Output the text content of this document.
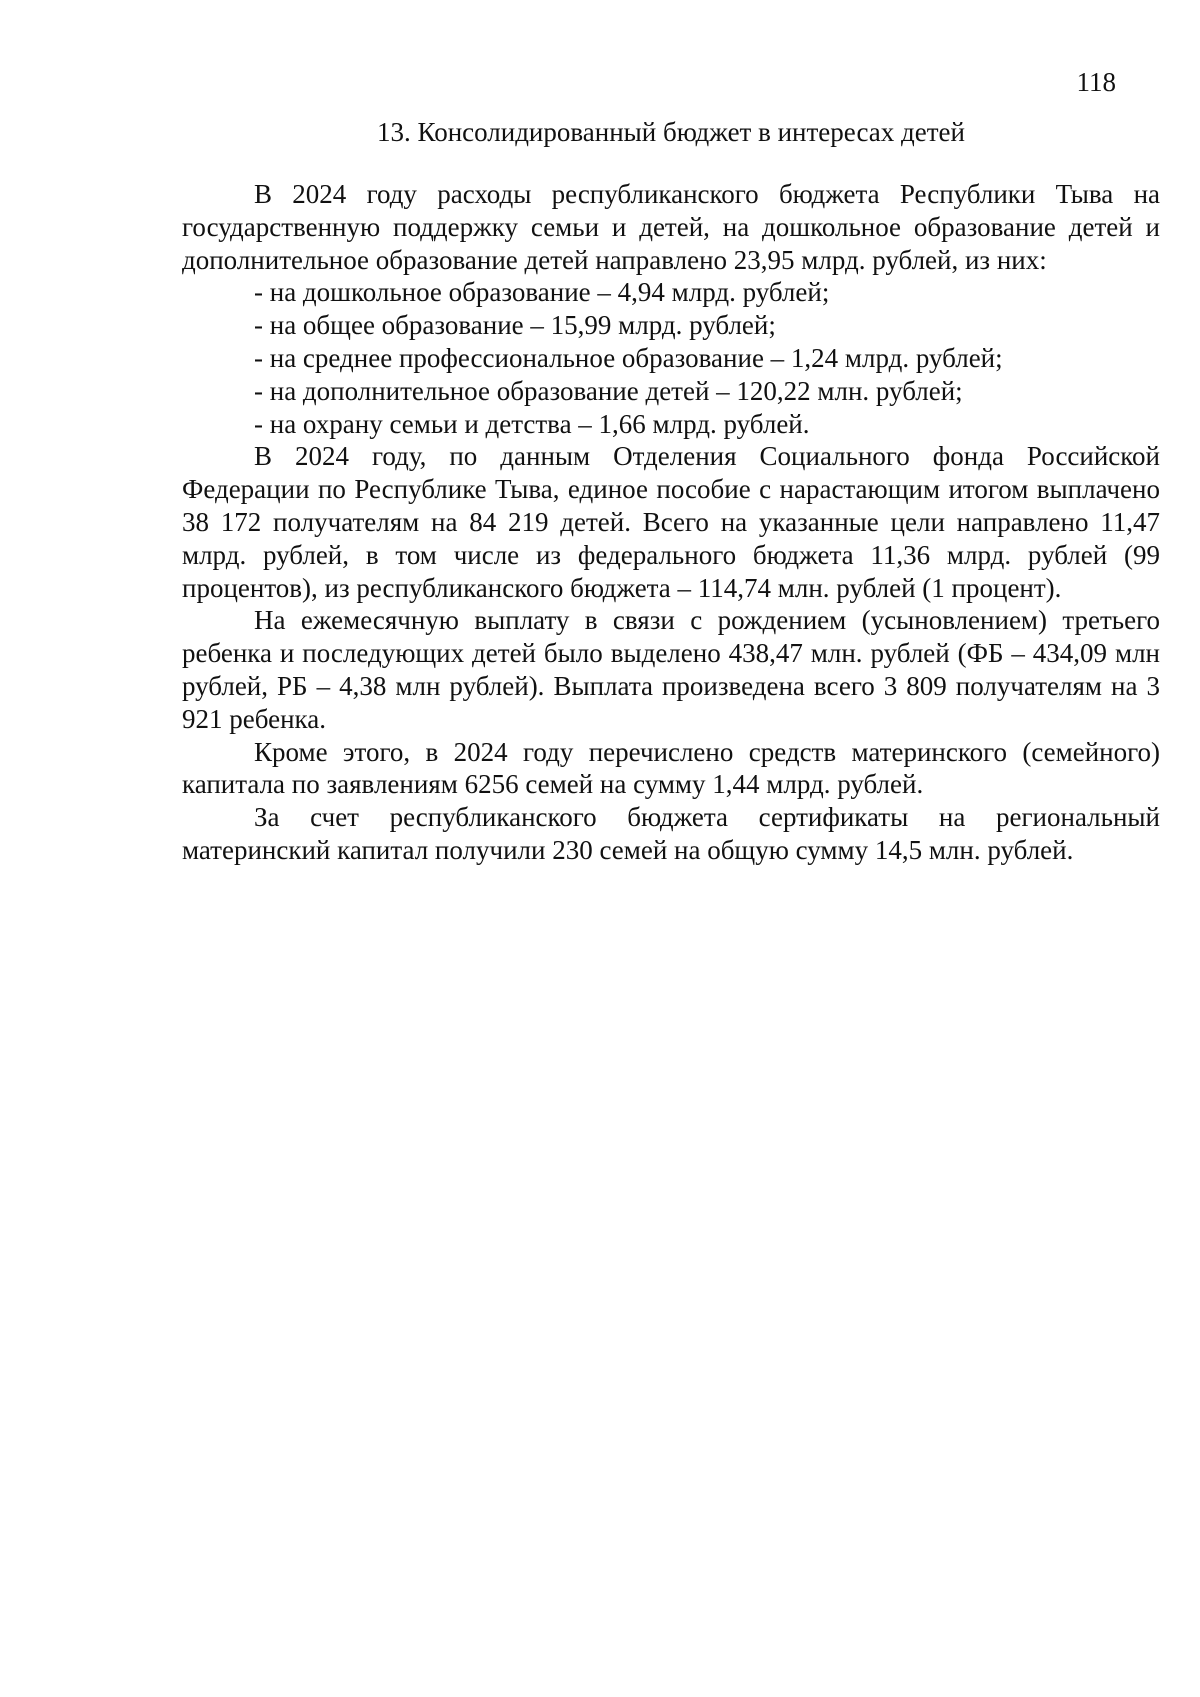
118
13. Консолидированный бюджет в интересах детей

В 2024 году расходы республиканского бюджета Республики Тыва на государственную поддержку семьи и детей, на дошкольное образование детей и дополнительное образование детей направлено 23,95 млрд. рублей, из них:

- на дошкольное образование – 4,94 млрд. рублей;
- на общее образование – 15,99 млрд. рублей;
- на среднее профессиональное образование – 1,24 млрд. рублей;
- на дополнительное образование детей – 120,22 млн. рублей;
- на охрану семьи и детства – 1,66 млрд. рублей.

В 2024 году, по данным Отделения Социального фонда Российской Федерации по Республике Тыва, единое пособие с нарастающим итогом выплачено 38 172 получателям на 84 219 детей. Всего на указанные цели направлено 11,47 млрд. рублей, в том числе из федерального бюджета 11,36 млрд. рублей (99 процентов), из республиканского бюджета – 114,74 млн. рублей (1 процент).

На ежемесячную выплату в связи с рождением (усыновлением) третьего ребенка и последующих детей было выделено 438,47 млн. рублей (ФБ – 434,09 млн рублей, РБ – 4,38 млн рублей). Выплата произведена всего 3 809 получателям на 3 921 ребенка.

Кроме этого, в 2024 году перечислено средств материнского (семейного) капитала по заявлениям 6256 семей на сумму 1,44 млрд. рублей.

За счет республиканского бюджета сертификаты на региональный материнский капитал получили 230 семей на общую сумму 14,5 млн. рублей.
